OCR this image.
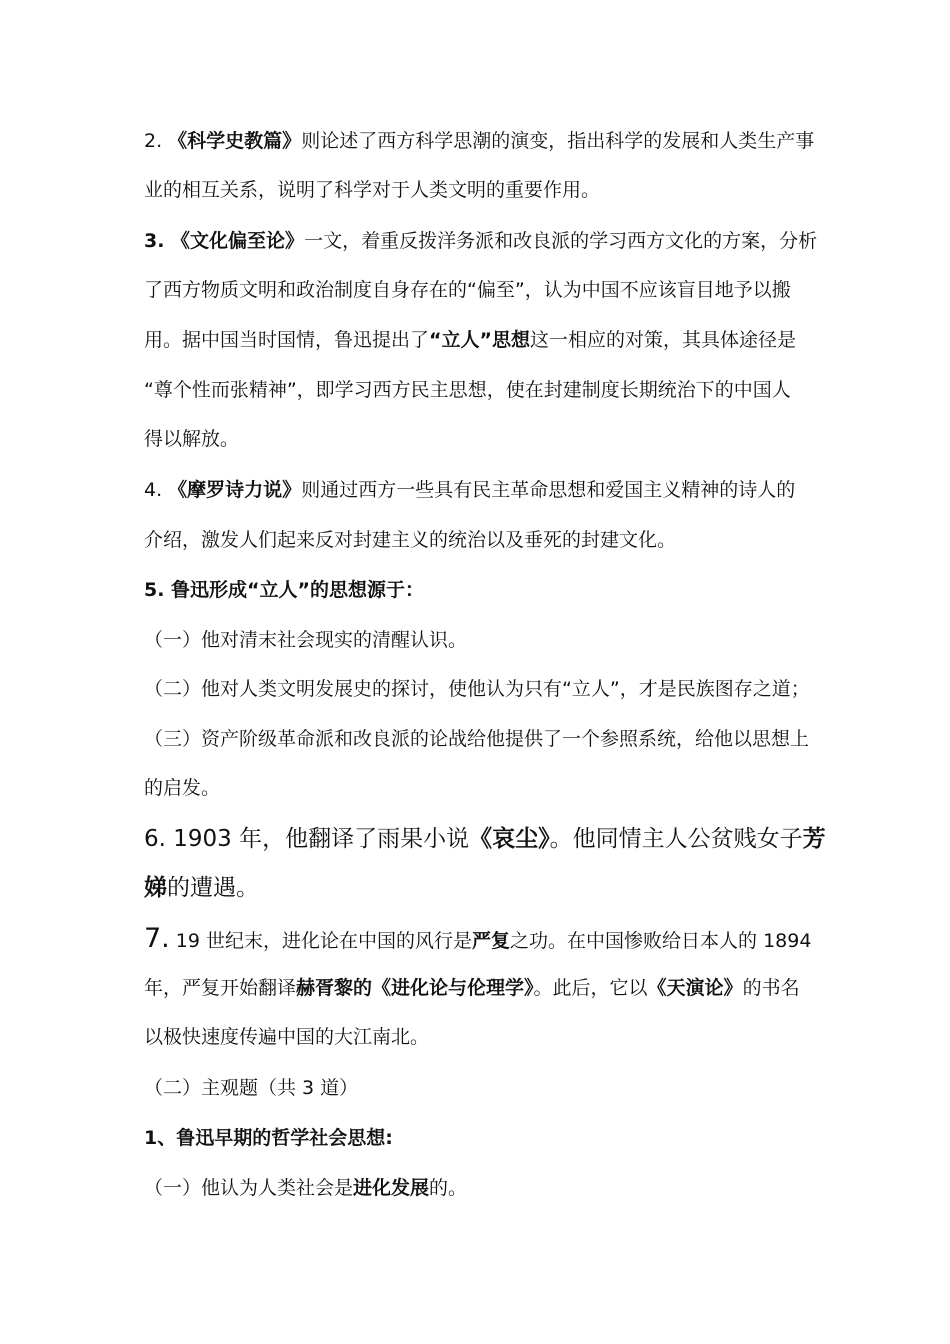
2. 《科学史教篇》则论述了西方科学思潮的演变，指出科学的发展和人类生产事
业的相互关系，说明了科学对于人类文明的重要作用。
3. 《文化偏至论》一文，着重反拨洋务派和改良派的学习西方文化的方案，分析
了西方物质文明和政治制度自身存在的“偏至”，认为中国不应该盲目地予以搬
用。据中国当时国情，鲁迅提出了“立人”思想这一相应的对策，其具体途径是
“尊个性而张精神”，即学习西方民主思想，使在封建制度长期统治下的中国人
得以解放。
4. 《摩罗诗力说》则通过西方一些具有民主革命思想和爱国主义精神的诗人的
介绍，激发人们起来反对封建主义的统治以及垂死的封建文化。
5. 鲁迅形成“立人”的思想源于：
（一）他对清末社会现实的清醒认识。
（二）他对人类文明发展史的探讨，使他认为只有“立人”，才是民族图存之道；
（三）资产阶级革命派和改良派的论战给他提供了一个参照系统，给他以思想上
的启发。
6. 1903 年，他翻译了雨果小说《哀尘》。他同情主人公贫贱女子芳
娣的遭遇。
7. 19 世纪末，进化论在中国的风行是严复之功。在中国惨败给日本人的 1894
年，严复开始翻译赫胥黎的《进化论与伦理学》。此后，它以《天演论》的书名
以极快速度传遍中国的大江南北。
（二）主观题（共 3 道）
1、鲁迅早期的哲学社会思想:
（一）他认为人类社会是进化发展的。
